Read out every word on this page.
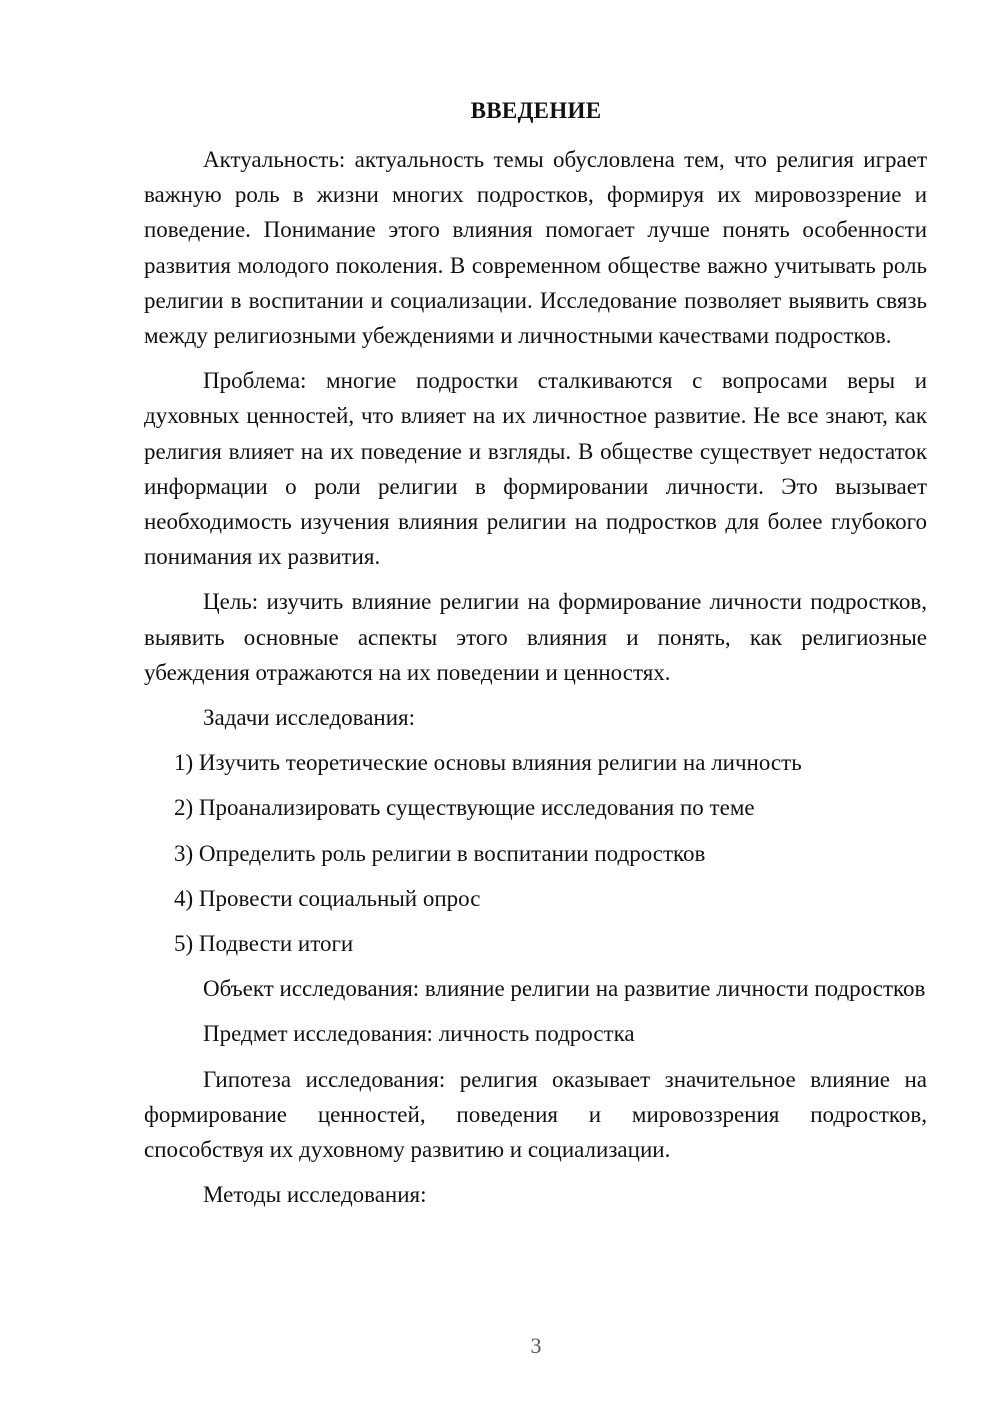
ВВЕДЕНИЕ

Актуальность: актуальность темы обусловлена тем, что религия играет важную роль в жизни многих подростков, формируя их мировоззрение и поведение. Понимание этого влияния помогает лучше понять особенности развития молодого поколения. В современном обществе важно учитывать роль религии в воспитании и социализации. Исследование позволяет выявить связь между религиозными убеждениями и личностными качествами подростков.

Проблема: многие подростки сталкиваются с вопросами веры и духовных ценностей, что влияет на их личностное развитие. Не все знают, как религия влияет на их поведение и взгляды. В обществе существует недостаток информации о роли религии в формировании личности. Это вызывает необходимость изучения влияния религии на подростков для более глубокого понимания их развития.

Цель: изучить влияние религии на формирование личности подростков, выявить основные аспекты этого влияния и понять, как религиозные убеждения отражаются на их поведении и ценностях.

Задачи исследования:

1) Изучить теоретические основы влияния религии на личность
2) Проанализировать существующие исследования по теме
3) Определить роль религии в воспитании подростков
4) Провести социальный опрос
5) Подвести итоги

Объект исследования: влияние религии на развитие личности подростков

Предмет исследования: личность подростка

Гипотеза исследования: религия оказывает значительное влияние на формирование ценностей, поведения и мировоззрения подростков, способствуя их духовному развитию и социализации.

Методы исследования:

3
